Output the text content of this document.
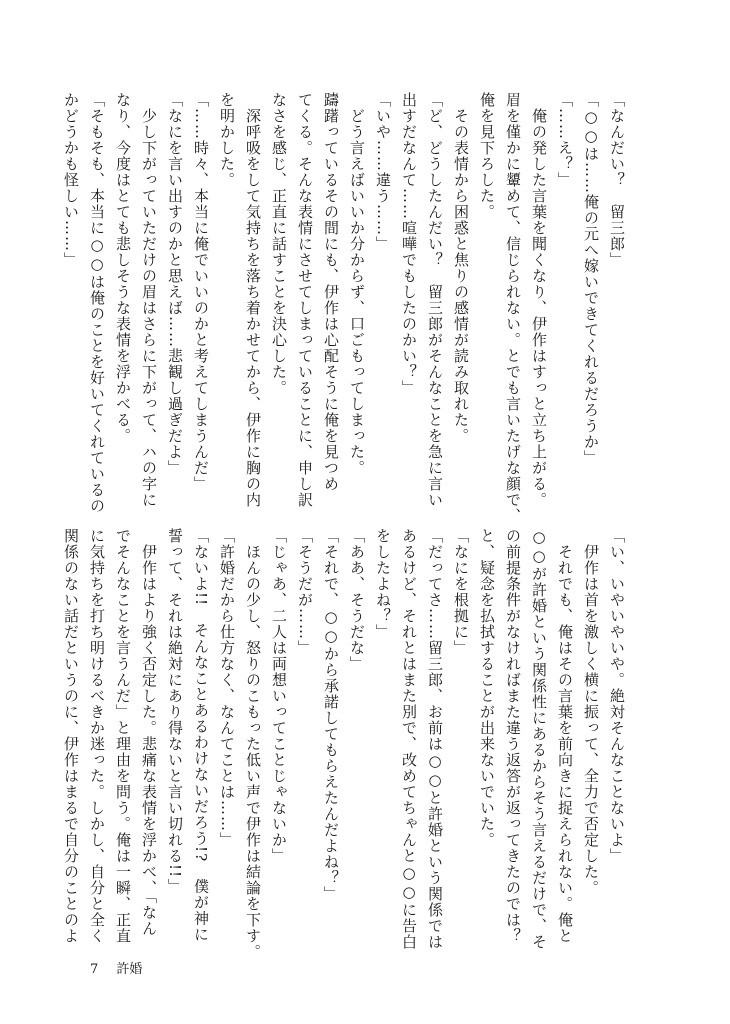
「なんだい？　留三郎」
「○○は……俺の元へ嫁いできてくれるだろうか」
「……え？」
　俺の発した言葉を聞くなり、伊作はすっと立ち上がる。
眉を僅かに顰めて、信じられない。とでも言いたげな顔で、
俺を見下ろした。
　その表情から困惑と焦りの感情が読み取れた。
「ど、どうしたんだい？　留三郎がそんなことを急に言い
出すだなんて……喧嘩でもしたのかい？」
「いや……違う……」
　どう言えばいいか分からず、口ごもってしまった。
躊躇っているその間にも、伊作は心配そうに俺を見つめ
てくる。そんな表情にさせてしまっていることに、申し訳
なさを感じ、正直に話すことを決心した。
　深呼吸をして気持ちを落ち着かせてから、伊作に胸の内
を明かした。
「……時々、本当に俺でいいのかと考えてしまうんだ」
「なにを言い出すのかと思えば……悲観し過ぎだよ」
　少し下がっていただけの眉はさらに下がって、ハの字に
なり、今度はとても悲しそうな表情を浮かべる。
「そもそも、本当に○○は俺のことを好いてくれているの
かどうかも怪しい……」
「い、いやいやいや。絶対そんなことないよ」
　伊作は首を激しく横に振って、全力で否定した。
　それでも、俺はその言葉を前向きに捉えられない。俺と
○○が許婚という関係性にあるからそう言えるだけで、そ
の前提条件がなければまた違う返答が返ってきたのでは？
と、疑念を払拭することが出来ないでいた。
「なにを根拠に」
「だってさ……留三郎、お前は○○と許婚という関係では
あるけど、それとはまた別で、改めてちゃんと○○に告白
をしたよね？」
「ああ、そうだな」
「それで、○○から承諾してもらえたんだよね？」
「そうだが……」
「じゃあ、二人は両想いってことじゃないか」
　ほんの少し、怒りのこもった低い声で伊作は結論を下す。
「許婚だから仕方なく、なんてことは……」
「ないよ!!　そんなことあるわけないだろう!?　僕が神に
誓って、それは絶対にあり得ないと言い切れる!!」
　伊作はより強く否定した。悲痛な表情を浮かべ、「なん
でそんなことを言うんだ」と理由を問う。俺は一瞬、正直
に気持ちを打ち明けるべきか迷った。しかし、自分と全く
関係のない話だというのに、伊作はまるで自分のことのよ
7 許婚
